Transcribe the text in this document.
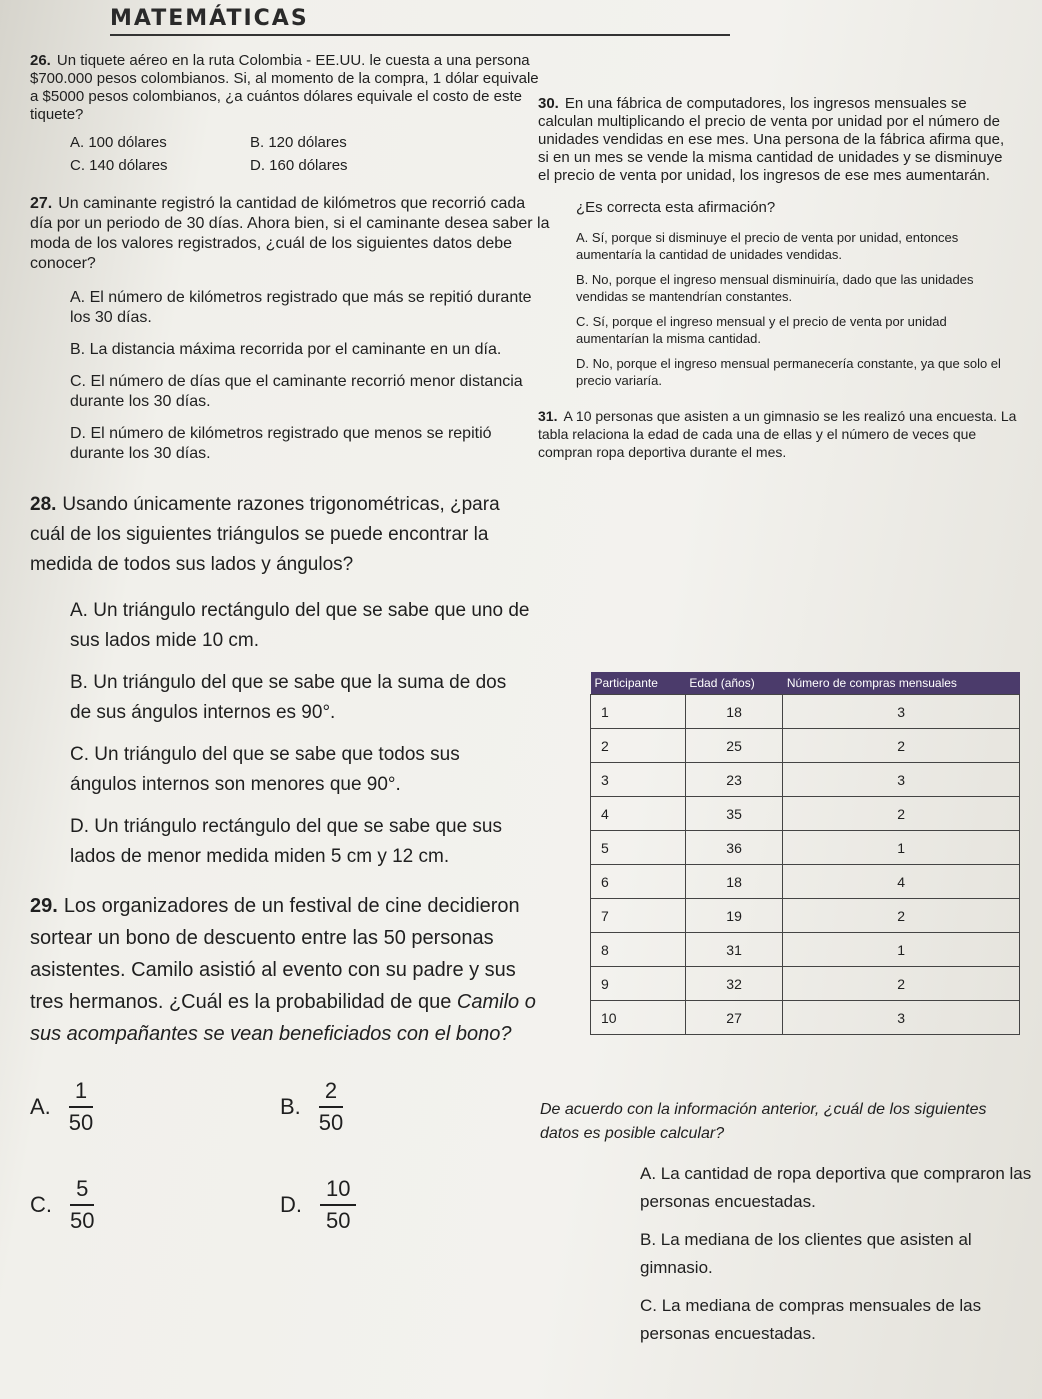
MATEMÁTICAS
26. Un tiquete aéreo en la ruta Colombia - EE.UU. le cuesta a una persona $700.000 pesos colombianos. Si, al momento de la compra, 1 dólar equivale a $5000 pesos colombianos, ¿a cuántos dólares equivale el costo de este tiquete?
A. 100 dólares	B. 120 dólares
C. 140 dólares	D. 160 dólares
27. Un caminante registró la cantidad de kilómetros que recorrió cada día por un periodo de 30 días. Ahora bien, si el caminante desea saber la moda de los valores registrados, ¿cuál de los siguientes datos debe conocer?
A. El número de kilómetros registrado que más se repitió durante los 30 días.
B. La distancia máxima recorrida por el caminante en un día.
C. El número de días que el caminante recorrió menor distancia durante los 30 días.
D. El número de kilómetros registrado que menos se repitió durante los 30 días.
28. Usando únicamente razones trigonométricas, ¿para cuál de los siguientes triángulos se puede encontrar la medida de todos sus lados y ángulos?
A. Un triángulo rectángulo del que se sabe que uno de sus lados mide 10 cm.
B. Un triángulo del que se sabe que la suma de dos de sus ángulos internos es 90°.
C. Un triángulo del que se sabe que todos sus ángulos internos son menores que 90°.
D. Un triángulo rectángulo del que se sabe que sus lados de menor medida miden 5 cm y 12 cm.
29. Los organizadores de un festival de cine decidieron sortear un bono de descuento entre las 50 personas asistentes. Camilo asistió al evento con su padre y sus tres hermanos. ¿Cuál es la probabilidad de que Camilo o sus acompañantes se vean beneficiados con el bono?
A. $\frac{1}{50}$	B. $\frac{2}{50}$
C. $\frac{5}{50}$	D. $\frac{10}{50}$
30. En una fábrica de computadores, los ingresos mensuales se calculan multiplicando el precio de venta por unidad por el número de unidades vendidas en ese mes. Una persona de la fábrica afirma que, si en un mes se vende la misma cantidad de unidades y se disminuye el precio de venta por unidad, los ingresos de ese mes aumentarán.
¿Es correcta esta afirmación?
A. Sí, porque si disminuye el precio de venta por unidad, entonces aumentaría la cantidad de unidades vendidas.
B. No, porque el ingreso mensual disminuiría, dado que las unidades vendidas se mantendrían constantes.
C. Sí, porque el ingreso mensual y el precio de venta por unidad aumentarían la misma cantidad.
D. No, porque el ingreso mensual permanecería constante, ya que solo el precio variaría.
31. A 10 personas que asisten a un gimnasio se les realizó una encuesta. La tabla relaciona la edad de cada una de ellas y el número de veces que compran ropa deportiva durante el mes.
Participante	Edad (años)	Número de compras mensuales
1	18	3
2	25	2
3	23	3
4	35	2
5	36	1
6	18	4
7	19	2
8	31	1
9	32	2
10	27	3
De acuerdo con la información anterior, ¿cuál de los siguientes datos es posible calcular?
A. La cantidad de ropa deportiva que compraron las personas encuestadas.
B. La mediana de los clientes que asisten al gimnasio.
C. La mediana de compras mensuales de las personas encuestadas.
